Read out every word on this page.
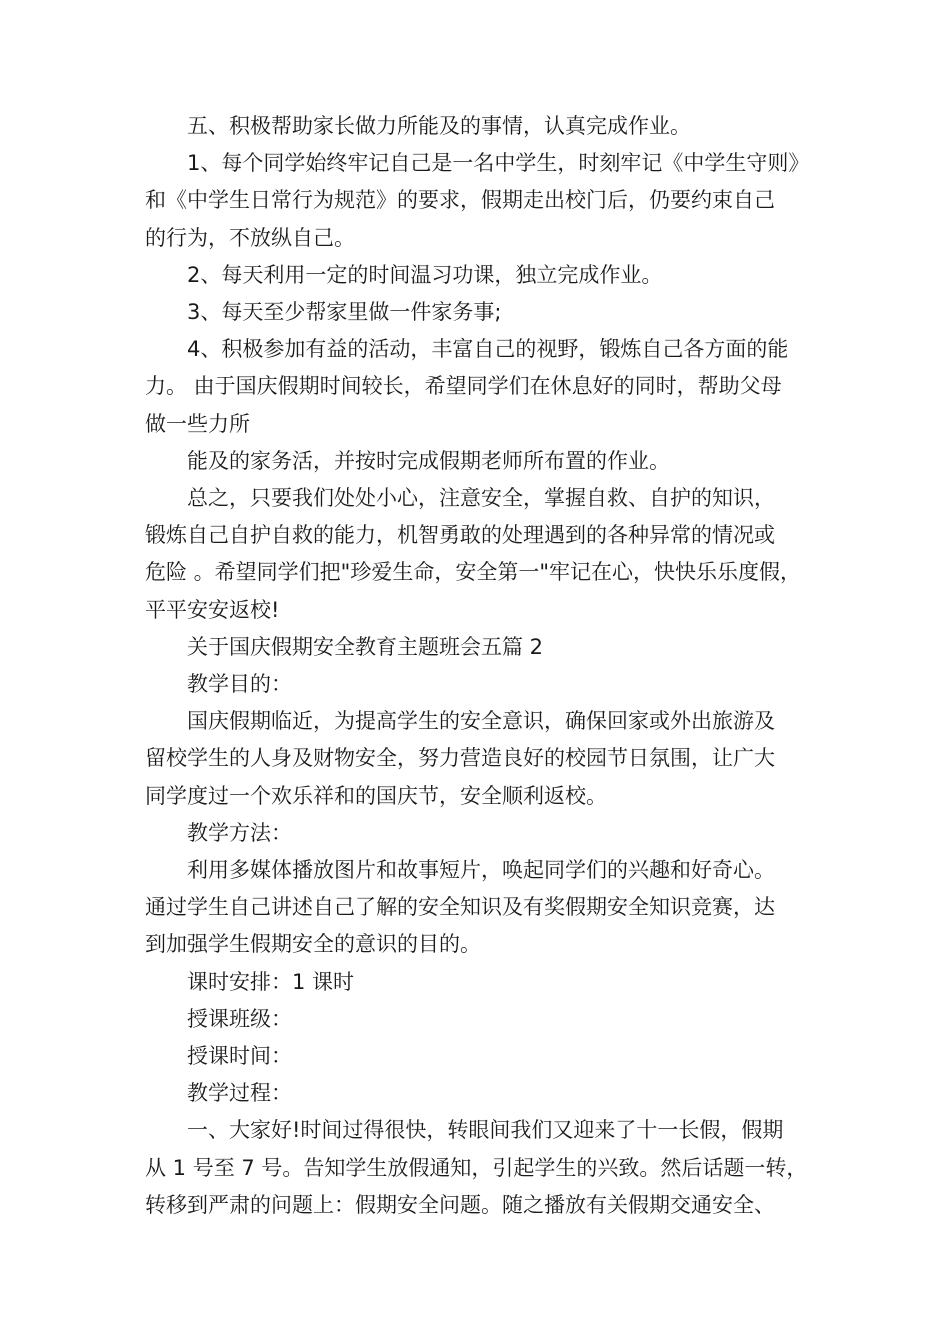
五、积极帮助家长做力所能及的事情，认真完成作业。
1、每个同学始终牢记自己是一名中学生，时刻牢记《中学生守则》
和《中学生日常行为规范》的要求，假期走出校门后，仍要约束自己
的行为，不放纵自己。
2、每天利用一定的时间温习功课，独立完成作业。
3、每天至少帮家里做一件家务事;
4、积极参加有益的活动，丰富自己的视野，锻炼自己各方面的能
力。 由于国庆假期时间较长，希望同学们在休息好的同时，帮助父母
做一些力所
能及的家务活，并按时完成假期老师所布置的作业。
总之，只要我们处处小心，注意安全，掌握自救、自护的知识，
锻炼自己自护自救的能力，机智勇敢的处理遇到的各种异常的情况或
危险 。希望同学们把"珍爱生命，安全第一"牢记在心，快快乐乐度假，
平平安安返校!
关于国庆假期安全教育主题班会五篇 2
教学目的：
国庆假期临近，为提高学生的安全意识，确保回家或外出旅游及
留校学生的人身及财物安全，努力营造良好的校园节日氛围，让广大
同学度过一个欢乐祥和的国庆节，安全顺利返校。
教学方法：
利用多媒体播放图片和故事短片，唤起同学们的兴趣和好奇心。
通过学生自己讲述自己了解的安全知识及有奖假期安全知识竞赛，达
到加强学生假期安全的意识的目的。
课时安排：1 课时
授课班级：
授课时间：
教学过程：
一、大家好!时间过得很快，转眼间我们又迎来了十一长假，假期
从 1 号至 7 号。告知学生放假通知，引起学生的兴致。然后话题一转，
转移到严肃的问题上：假期安全问题。随之播放有关假期交通安全、
